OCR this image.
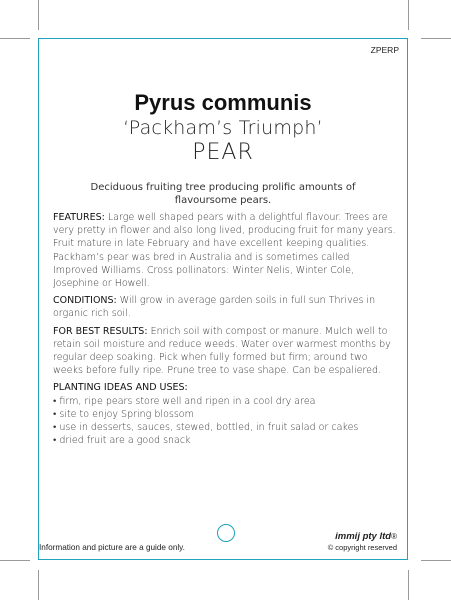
ZPERP
Pyrus communis
‘Packham’s Triumph’
PEAR
Deciduous fruiting tree producing prolific amounts of flavoursome pears.

FEATURES: Large well shaped pears with a delightful flavour. Trees are very pretty in flower and also long lived, producing fruit for many years. Fruit mature in late February and have excellent keeping qualities. Packham’s pear was bred in Australia and is sometimes called Improved Williams. Cross pollinators: Winter Nelis, Winter Cole, Josephine or Howell.

CONDITIONS: Will grow in average garden soils in full sun Thrives in organic rich soil.

FOR BEST RESULTS: Enrich soil with compost or manure. Mulch well to retain soil moisture and reduce weeds. Water over warmest months by regular deep soaking. Pick when fully formed but firm; around two weeks before fully ripe. Prune tree to vase shape. Can be espaliered.

PLANTING IDEAS AND USES:

• firm, ripe pears store well and ripen in a cool dry area
• site to enjoy Spring blossom
• use in desserts, sauces, stewed, bottled, in fruit salad or cakes
• dried fruit are a good snack
Information and picture are a guide only.
immij pty ltd®
© copyright reserved
